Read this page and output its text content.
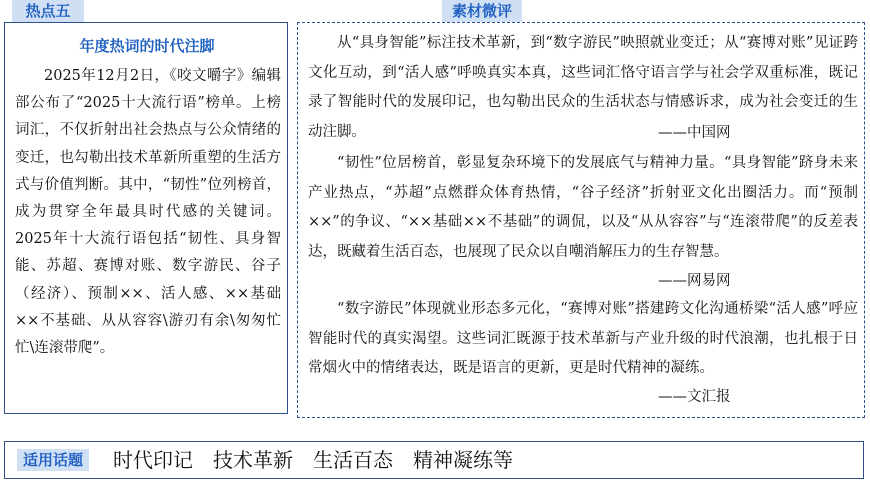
热点五	素材微评
年度热词的时代注脚
2025年12月2日，《咬文嚼字》编辑部公布了“2025十大流行语”榜单。上榜词汇，不仅折射出社会热点与公众情绪的变迁，也勾勒出技术革新所重塑的生活方式与价值判断。其中，“韧性”位列榜首，成为贯穿全年最具时代感的关键词。2025年十大流行语包括“韧性、具身智能、苏超、赛博对账、数字游民、谷子（经济）、预制××、活人感、××基础××不基础、从从容容\游刃有余\匆匆忙忙\连滚带爬”。
从“具身智能”标注技术革新，到“数字游民”映照就业变迁；从“赛博对账”见证跨文化互动，到“活人感”呼唤真实本真，这些词汇恪守语言学与社会学双重标准，既记录了智能时代的发展印记，也勾勒出民众的生活状态与情感诉求，成为社会变迁的生动注脚。	——中国网
“韧性”位居榜首，彰显复杂环境下的发展底气与精神力量。“具身智能”跻身未来产业热点，“苏超”点燃群众体育热情，“谷子经济”折射亚文化出圈活力。而“预制××”的争议、“××基础××不基础”的调侃，以及“从从容容”与“连滚带爬”的反差表达，既藏着生活百态，也展现了民众以自嘲消解压力的生存智慧。
——网易网
“数字游民”体现就业形态多元化，“赛博对账”搭建跨文化沟通桥梁“活人感”呼应智能时代的真实渴望。这些词汇既源于技术革新与产业升级的时代浪潮，也扎根于日常烟火中的情绪表达，既是语言的更新，更是时代精神的凝练。
——文汇报
适用话题	时代印记　技术革新　生活百态　精神凝练等
